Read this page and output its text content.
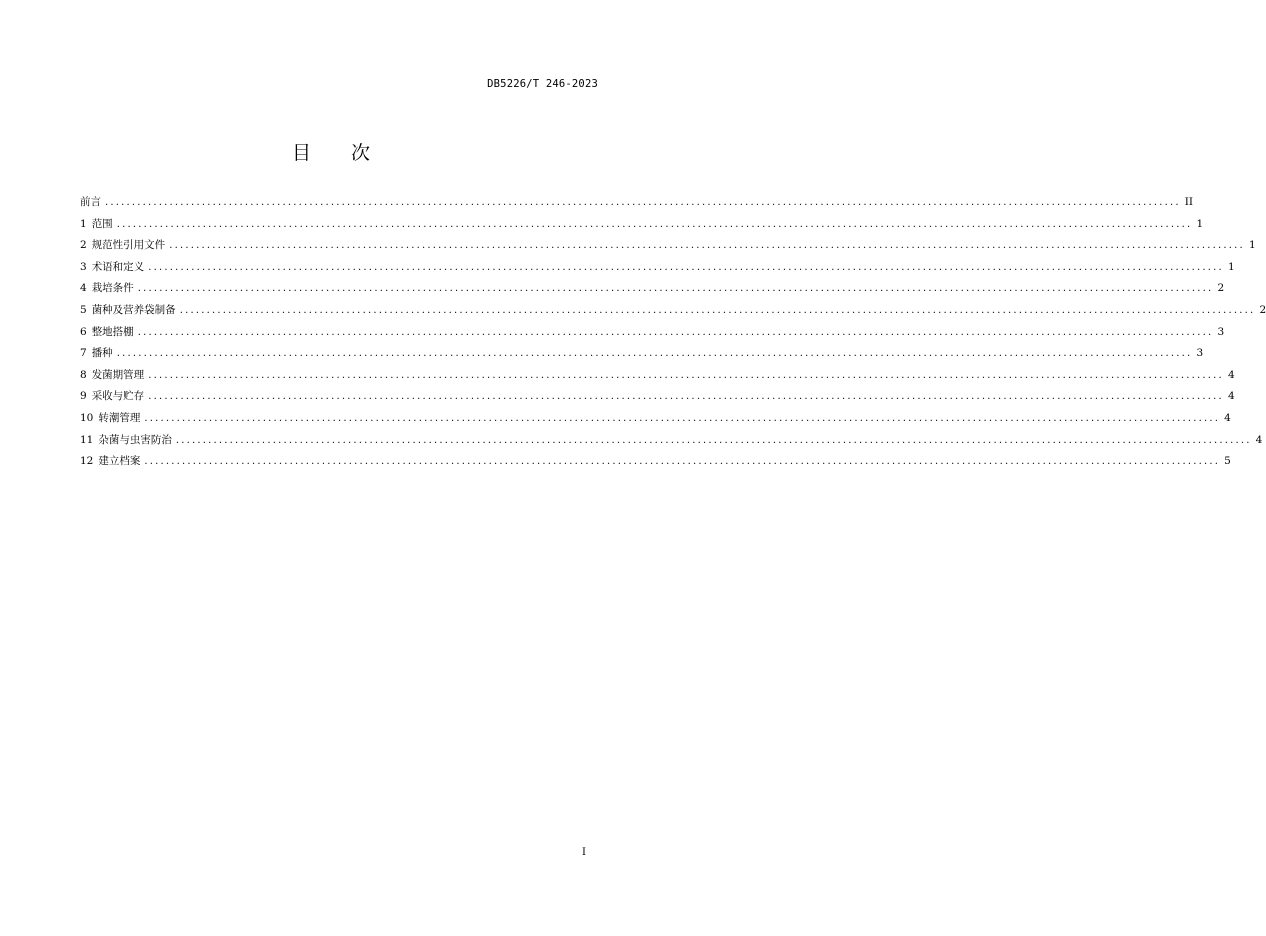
DB5226/T 246-2023
目 次
前言 ........................................................................................................................................................................................................ II
1 范围 ........................................................................................................................................................................................................ 1
2 规范性引用文件 ........................................................................................................................................................................................................ 1
3 术语和定义 ........................................................................................................................................................................................................ 1
4 栽培条件 ........................................................................................................................................................................................................ 2
5 菌种及营养袋制备 ........................................................................................................................................................................................................ 2
6 整地搭棚 ........................................................................................................................................................................................................ 3
7 播种 ........................................................................................................................................................................................................ 3
8 发菌期管理 ........................................................................................................................................................................................................ 4
9 采收与贮存 ........................................................................................................................................................................................................ 4
10 转潮管理 ........................................................................................................................................................................................................ 4
11 杂菌与虫害防治 ........................................................................................................................................................................................................ 4
12 建立档案 ........................................................................................................................................................................................................ 5
I
